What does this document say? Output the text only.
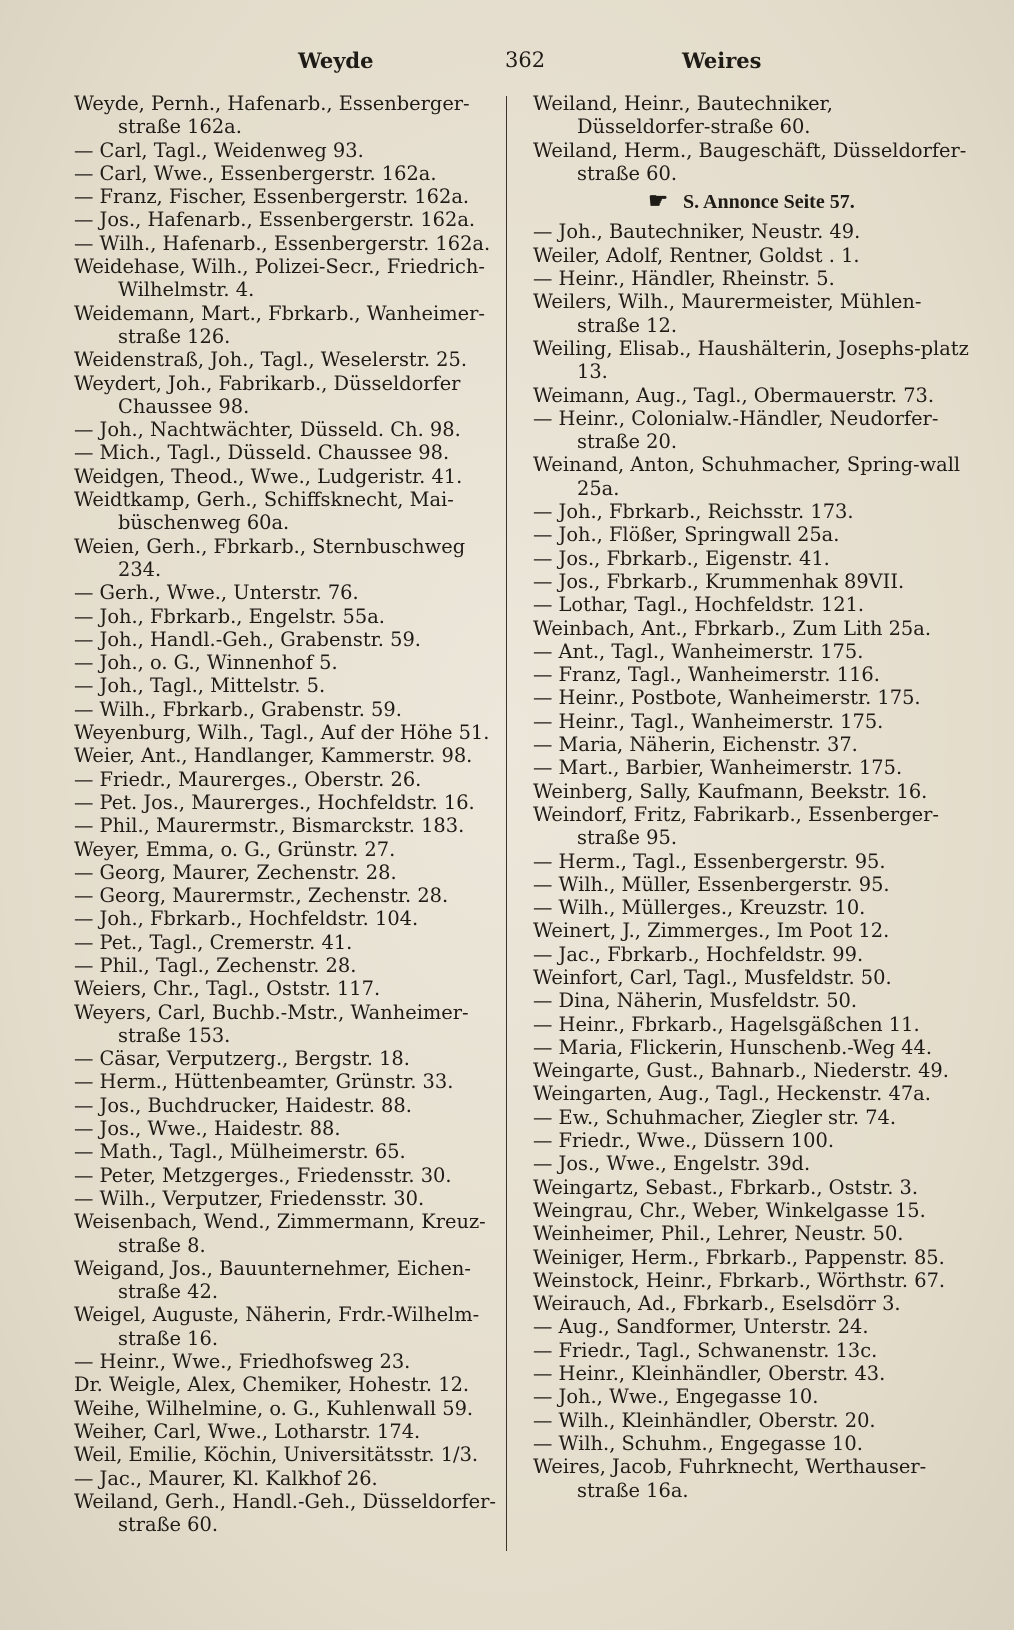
Weyde	362	Weires

Weyde, Pernh., Hafenarb., Essenberger-straße 162a.

— Carl, Tagl., Weidenweg 93.

— Carl, Wwe., Essenbergerstr. 162a.

— Franz, Fischer, Essenbergerstr. 162a.

— Jos., Hafenarb., Essenbergerstr. 162a.

— Wilh., Hafenarb., Essenbergerstr. 162a.

Weidehase, Wilh., Polizei-Secr., Friedrich-Wilhelmstr. 4.

Weidemann, Mart., Fbrkarb., Wanheimer-straße 126.

Weidenstraß, Joh., Tagl., Weselerstr. 25.

Weydert, Joh., Fabrikarb., Düsseldorfer Chaussee 98.

— Joh., Nachtwächter, Düsseld. Ch. 98.

— Mich., Tagl., Düsseld. Chaussee 98.

Weidgen, Theod., Wwe., Ludgeristr. 41.

Weidtkamp, Gerh., Schiffsknecht, Mai-büschenweg 60a.

Weien, Gerh., Fbrkarb., Sternbuschweg 234.

— Gerh., Wwe., Unterstr. 76.

— Joh., Fbrkarb., Engelstr. 55a.

— Joh., Handl.-Geh., Grabenstr. 59.

— Joh., o. G., Winnenhof 5.

— Joh., Tagl., Mittelstr. 5.

— Wilh., Fbrkarb., Grabenstr. 59.

Weyenburg, Wilh., Tagl., Auf der Höhe 51.

Weier, Ant., Handlanger, Kammerstr. 98.

— Friedr., Maurerges., Oberstr. 26.

— Pet. Jos., Maurerges., Hochfeldstr. 16.

— Phil., Maurermstr., Bismarckstr. 183.

Weyer, Emma, o. G., Grünstr. 27.

— Georg, Maurer, Zechenstr. 28.

— Georg, Maurermstr., Zechenstr. 28.

— Joh., Fbrkarb., Hochfeldstr. 104.

— Pet., Tagl., Cremerstr. 41.

— Phil., Tagl., Zechenstr. 28.

Weiers, Chr., Tagl., Oststr. 117.

Weyers, Carl, Buchb.-Mstr., Wanheimer-straße 153.

— Cäsar, Verputzerg., Bergstr. 18.

— Herm., Hüttenbeamter, Grünstr. 33.

— Jos., Buchdrucker, Haidestr. 88.

— Jos., Wwe., Haidestr. 88.

— Math., Tagl., Mülheimerstr. 65.

— Peter, Metzgerges., Friedensstr. 30.

— Wilh., Verputzer, Friedensstr. 30.

Weisenbach, Wend., Zimmermann, Kreuz-straße 8.

Weigand, Jos., Bauunternehmer, Eichen-straße 42.

Weigel, Auguste, Näherin, Frdr.-Wilhelm-straße 16.

— Heinr., Wwe., Friedhofsweg 23.

Dr. Weigle, Alex, Chemiker, Hohestr. 12.

Weihe, Wilhelmine, o. G., Kuhlenwall 59.

Weiher, Carl, Wwe., Lotharstr. 174.

Weil, Emilie, Köchin, Universitätsstr. 1/3.

— Jac., Maurer, Kl. Kalkhof 26.

Weiland, Gerh., Handl.-Geh., Düsseldorfer-straße 60.

Weiland, Heinr., Bautechniker, Düsseldorfer-straße 60.

Weiland, Herm., Baugeschäft, Düsseldorfer-straße 60.

☛ S. Annonce Seite 57.

— Joh., Bautechniker, Neustr. 49.

Weiler, Adolf, Rentner, Goldst . 1.

— Heinr., Händler, Rheinstr. 5.

Weilers, Wilh., Maurermeister, Mühlen-straße 12.

Weiling, Elisab., Haushälterin, Josephs-platz 13.

Weimann, Aug., Tagl., Obermauerstr. 73.

— Heinr., Colonialw.-Händler, Neudorfer-straße 20.

Weinand, Anton, Schuhmacher, Spring-wall 25a.

— Joh., Fbrkarb., Reichsstr. 173.

— Joh., Flößer, Springwall 25a.

— Jos., Fbrkarb., Eigenstr. 41.

— Jos., Fbrkarb., Krummenhak 89VII.

— Lothar, Tagl., Hochfeldstr. 121.

Weinbach, Ant., Fbrkarb., Zum Lith 25a.

— Ant., Tagl., Wanheimerstr. 175.

— Franz, Tagl., Wanheimerstr. 116.

— Heinr., Postbote, Wanheimerstr. 175.

— Heinr., Tagl., Wanheimerstr. 175.

— Maria, Näherin, Eichenstr. 37.

— Mart., Barbier, Wanheimerstr. 175.

Weinberg, Sally, Kaufmann, Beekstr. 16.

Weindorf, Fritz, Fabrikarb., Essenberger-straße 95.

— Herm., Tagl., Essenbergerstr. 95.

— Wilh., Müller, Essenbergerstr. 95.

— Wilh., Müllerges., Kreuzstr. 10.

Weinert, J., Zimmerges., Im Poot 12.

— Jac., Fbrkarb., Hochfeldstr. 99.

Weinfort, Carl, Tagl., Musfeldstr. 50.

— Dina, Näherin, Musfeldstr. 50.

— Heinr., Fbrkarb., Hagelsgäßchen 11.

— Maria, Flickerin, Hunschenb.-Weg 44.

Weingarte, Gust., Bahnarb., Niederstr. 49.

Weingarten, Aug., Tagl., Heckenstr. 47a.

— Ew., Schuhmacher, Ziegler str. 74.

— Friedr., Wwe., Düssern 100.

— Jos., Wwe., Engelstr. 39d.

Weingartz, Sebast., Fbrkarb., Oststr. 3.

Weingrau, Chr., Weber, Winkelgasse 15.

Weinheimer, Phil., Lehrer, Neustr. 50.

Weiniger, Herm., Fbrkarb., Pappenstr. 85.

Weinstock, Heinr., Fbrkarb., Wörthstr. 67.

Weirauch, Ad., Fbrkarb., Eselsdörr 3.

— Aug., Sandformer, Unterstr. 24.

— Friedr., Tagl., Schwanenstr. 13c.

— Heinr., Kleinhändler, Oberstr. 43.

— Joh., Wwe., Engegasse 10.

— Wilh., Kleinhändler, Oberstr. 20.

— Wilh., Schuhm., Engegasse 10.

Weires, Jacob, Fuhrknecht, Werthauser-straße 16a.
